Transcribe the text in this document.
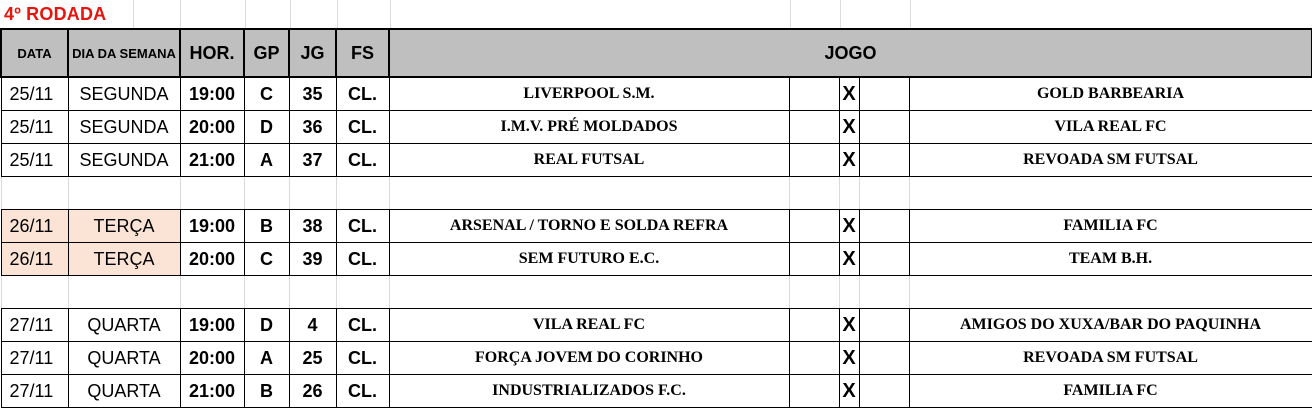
4º RODADA
DATA	DIA DA SEMANA	HOR.	GP	JG	FS	JOGO				
25/11	SEGUNDA	19:00	C	35	CL.	LIVERPOOL S.M.		X		GOLD BARBEARIA
25/11	SEGUNDA	20:00	D	36	CL.	I.M.V. PRÉ MOLDADOS		X		VILA REAL FC
25/11	SEGUNDA	21:00	A	37	CL.	REAL FUTSAL		X		REVOADA SM FUTSAL

26/11	TERÇA	19:00	B	38	CL.	ARSENAL / TORNO E SOLDA REFRA		X		FAMILIA FC
26/11	TERÇA	20:00	C	39	CL.	SEM FUTURO E.C.		X		TEAM B.H.

27/11	QUARTA	19:00	D	4	CL.	VILA REAL FC		X		AMIGOS DO XUXA/BAR DO PAQUINHA
27/11	QUARTA	20:00	A	25	CL.	FORÇA JOVEM DO CORINHO		X		REVOADA SM FUTSAL
27/11	QUARTA	21:00	B	26	CL.	INDUSTRIALIZADOS F.C.		X		FAMILIA FC
